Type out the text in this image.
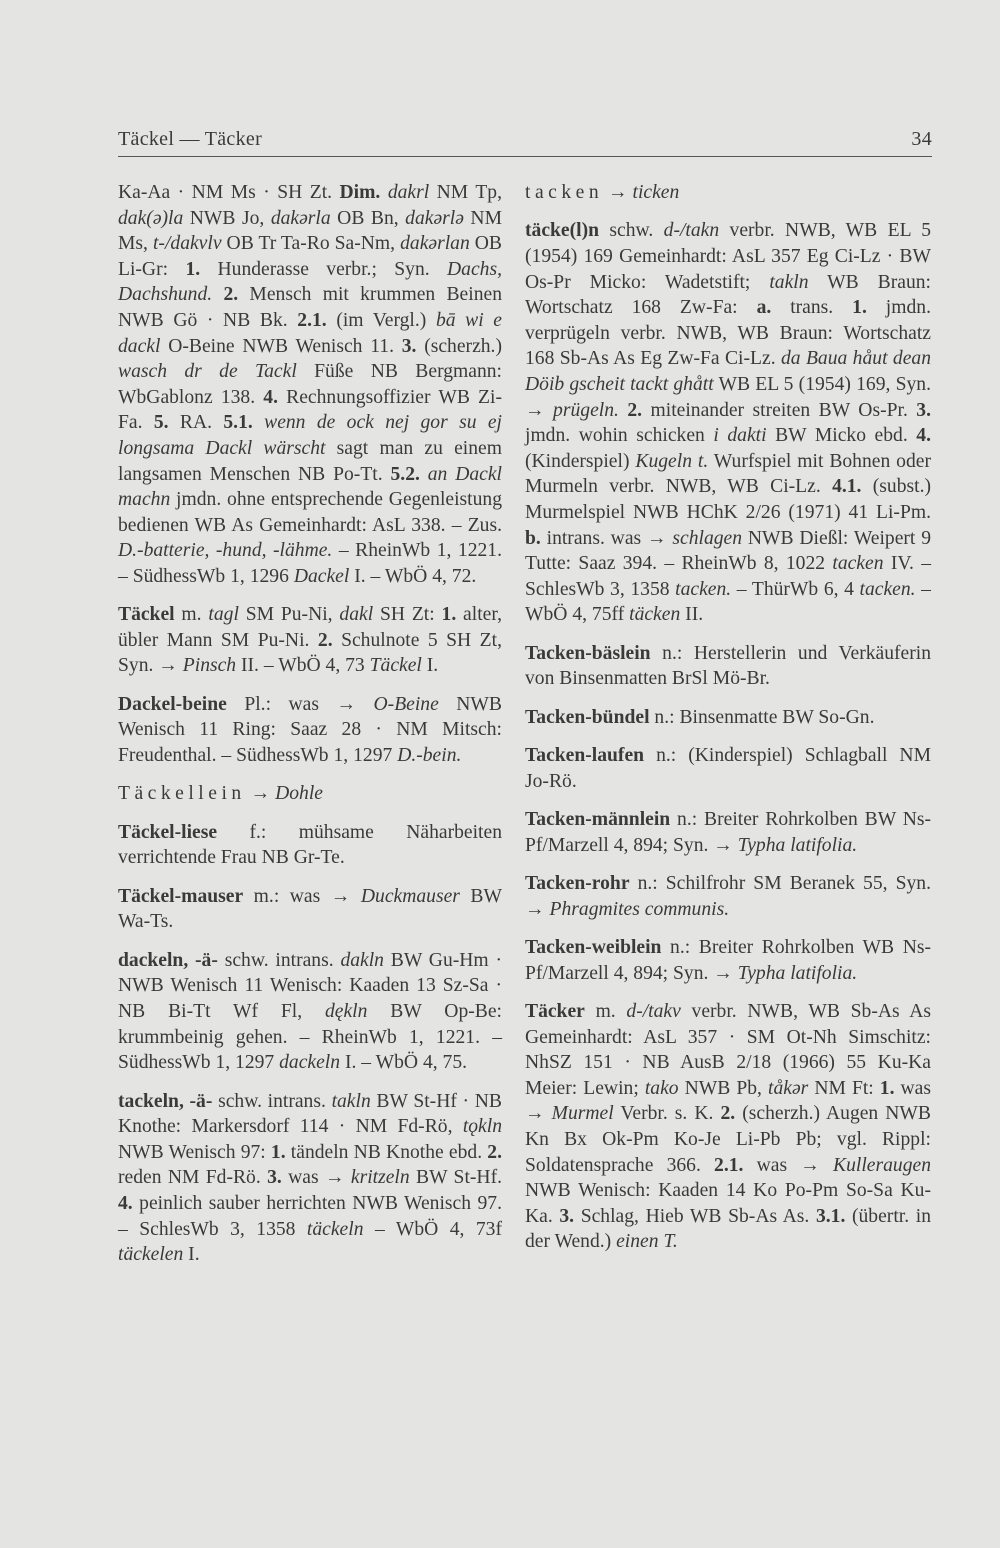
Täckel — Täcker	34

Ka-Aa · NM Ms · SH Zt. Dim. dakrl NM Tp, dak(ə)la NWB Jo, dakərla OB Bn, dakərlə NM Ms, t-/dakvlv OB Tr Ta-Ro Sa-Nm, dakərlan OB Li-Gr: 1. Hunderasse verbr.; Syn. Dachs, Dachshund. 2. Mensch mit krummen Beinen NWB Gö · NB Bk. 2.1. (im Vergl.) bā wi e dackl O-Beine NWB Wenisch 11. 3. (scherzh.) wasch dr de Tackl Füße NB Bergmann: WbGablonz 138. 4. Rechnungsoffizier WB Zi-Fa. 5. RA. 5.1. wenn de ock nej gor su ej longsama Dackl wärscht sagt man zu einem langsamen Menschen NB Po-Tt. 5.2. an Dackl machn jmdn. ohne entsprechende Gegenleistung bedienen WB As Gemeinhardt: AsL 338. – Zus. D.-batterie, -hund, -lähme. – RheinWb 1, 1221. – SüdhessWb 1, 1296 Dackel I. – WbÖ 4, 72.

Täckel m. tagl SM Pu-Ni, dakl SH Zt: 1. alter, übler Mann SM Pu-Ni. 2. Schulnote 5 SH Zt, Syn. → Pinsch II. – WbÖ 4, 73 Täckel I.

Dackel-beine Pl.: was → O-Beine NWB Wenisch 11 Ring: Saaz 28 · NM Mitsch: Freudenthal. – SüdhessWb 1, 1297 D.-bein.

Täckellein → Dohle

Täckel-liese f.: mühsame Näharbeiten verrichtende Frau NB Gr-Te.

Täckel-mauser m.: was → Duckmauser BW Wa-Ts.

dackeln, -ä- schw. intrans. dakln BW Gu-Hm · NWB Wenisch 11 Wenisch: Kaaden 13 Sz-Sa · NB Bi-Tt Wf Fl, dękln BW Op-Be: krummbeinig gehen. – RheinWb 1, 1221. – SüdhessWb 1, 1297 dackeln I. – WbÖ 4, 75.

tackeln, -ä- schw. intrans. takln BW St-Hf · NB Knothe: Markersdorf 114 · NM Fd-Rö, tǫkln NWB Wenisch 97: 1. tändeln NB Knothe ebd. 2. reden NM Fd-Rö. 3. was → kritzeln BW St-Hf. 4. peinlich sauber herrichten NWB Wenisch 97. – SchlesWb 3, 1358 täckeln – WbÖ 4, 73f täckelen I.

tacken → ticken

täcke(l)n schw. d-/takn verbr. NWB, WB EL 5 (1954) 169 Gemeinhardt: AsL 357 Eg Ci-Lz · BW Os-Pr Micko: Wadetstift; takln WB Braun: Wortschatz 168 Zw-Fa: a. trans. 1. jmdn. verprügeln verbr. NWB, WB Braun: Wortschatz 168 Sb-As As Eg Zw-Fa Ci-Lz. da Baua håut dean Döib gscheit tackt ghått WB EL 5 (1954) 169, Syn. → prügeln. 2. miteinander streiten BW Os-Pr. 3. jmdn. wohin schicken i dakti BW Micko ebd. 4. (Kinderspiel) Kugeln t. Wurfspiel mit Bohnen oder Murmeln verbr. NWB, WB Ci-Lz. 4.1. (subst.) Murmelspiel NWB HChK 2/26 (1971) 41 Li-Pm. b. intrans. was → schlagen NWB Dießl: Weipert 9 Tutte: Saaz 394. – RheinWb 8, 1022 tacken IV. – SchlesWb 3, 1358 tacken. – ThürWb 6, 4 tacken. – WbÖ 4, 75ff täcken II.

Tacken-bäslein n.: Herstellerin und Verkäuferin von Binsenmatten BrSl Mö-Br.

Tacken-bündel n.: Binsenmatte BW So-Gn.

Tacken-laufen n.: (Kinderspiel) Schlagball NM Jo-Rö.

Tacken-männlein n.: Breiter Rohrkolben BW Ns-Pf/Marzell 4, 894; Syn. → Typha latifolia.

Tacken-rohr n.: Schilfrohr SM Beranek 55, Syn. → Phragmites communis.

Tacken-weiblein n.: Breiter Rohrkolben WB Ns-Pf/Marzell 4, 894; Syn. → Typha latifolia.

Täcker m. d-/takv verbr. NWB, WB Sb-As As Gemeinhardt: AsL 357 · SM Ot-Nh Simschitz: NhSZ 151 · NB AusB 2/18 (1966) 55 Ku-Ka Meier: Lewin; tako NWB Pb, tåkər NM Ft: 1. was → Murmel Verbr. s. K. 2. (scherzh.) Augen NWB Kn Bx Ok-Pm Ko-Je Li-Pb Pb; vgl. Rippl: Soldatensprache 366. 2.1. was → Kulleraugen NWB Wenisch: Kaaden 14 Ko Po-Pm So-Sa Ku-Ka. 3. Schlag, Hieb WB Sb-As As. 3.1. (übertr. in der Wend.) einen T.
